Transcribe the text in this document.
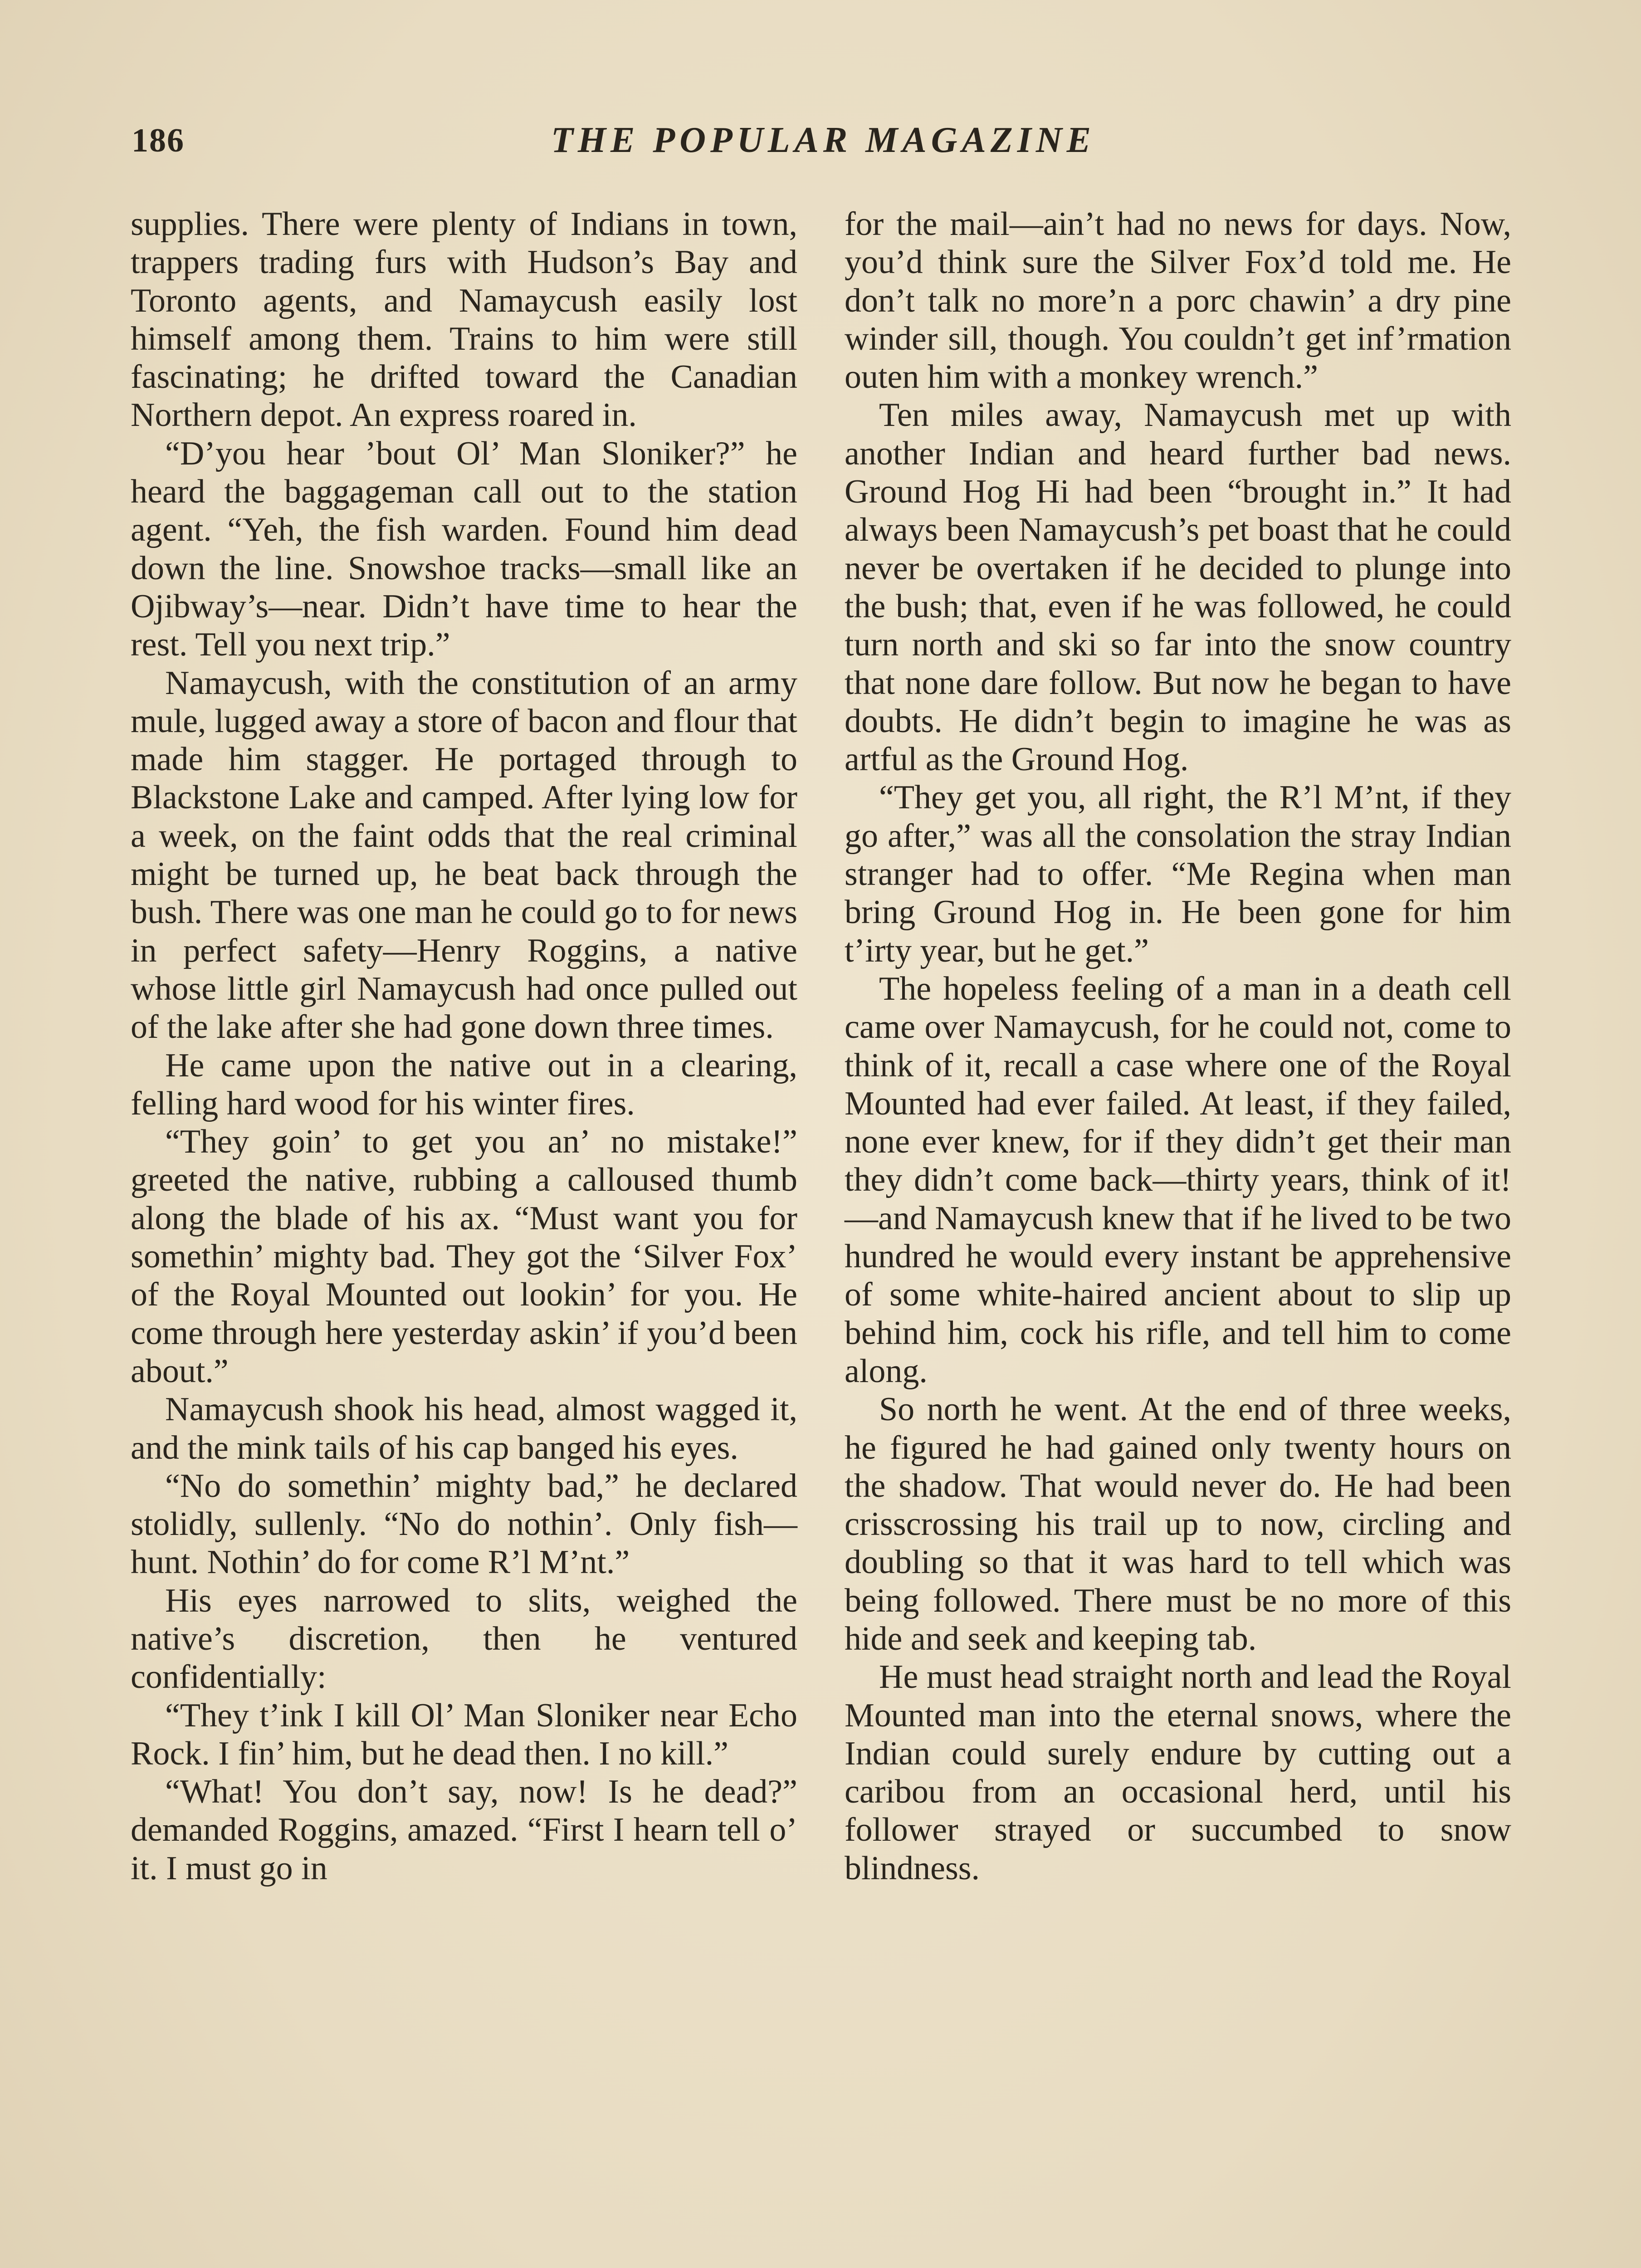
186	THE POPULAR MAGAZINE

supplies. There were plenty of Indians in town, trappers trading furs with Hudson’s Bay and Toronto agents, and Namaycush easily lost himself among them. Trains to him were still fascinating; he drifted toward the Canadian Northern depot. An express roared in.

“D’you hear ’bout Ol’ Man Sloniker?” he heard the baggageman call out to the station agent. “Yeh, the fish warden. Found him dead down the line. Snowshoe tracks—small like an Ojibway’s—near. Didn’t have time to hear the rest. Tell you next trip.”

Namaycush, with the constitution of an army mule, lugged away a store of bacon and flour that made him stagger. He portaged through to Blackstone Lake and camped. After lying low for a week, on the faint odds that the real criminal might be turned up, he beat back through the bush. There was one man he could go to for news in perfect safety—Henry Roggins, a native whose little girl Namaycush had once pulled out of the lake after she had gone down three times.

He came upon the native out in a clearing, felling hard wood for his winter fires.

“They goin’ to get you an’ no mistake!” greeted the native, rubbing a calloused thumb along the blade of his ax. “Must want you for somethin’ mighty bad. They got the ‘Silver Fox’ of the Royal Mounted out lookin’ for you. He come through here yesterday askin’ if you’d been about.”

Namaycush shook his head, almost wagged it, and the mink tails of his cap banged his eyes.

“No do somethin’ mighty bad,” he declared stolidly, sullenly. “No do nothin’. Only fish—hunt. Nothin’ do for come R’l M’nt.”

His eyes narrowed to slits, weighed the native’s discretion, then he ventured confidentially:

“They t’ink I kill Ol’ Man Sloniker near Echo Rock. I fin’ him, but he dead then. I no kill.”

“What! You don’t say, now! Is he dead?” demanded Roggins, amazed. “First I hearn tell o’ it. I must go in

for the mail—ain’t had no news for days. Now, you’d think sure the Silver Fox’d told me. He don’t talk no more’n a porc chawin’ a dry pine winder sill, though. You couldn’t get inf’rmation outen him with a monkey wrench.”

Ten miles away, Namaycush met up with another Indian and heard further bad news. Ground Hog Hi had been “brought in.” It had always been Namaycush’s pet boast that he could never be overtaken if he decided to plunge into the bush; that, even if he was followed, he could turn north and ski so far into the snow country that none dare follow. But now he began to have doubts. He didn’t begin to imagine he was as artful as the Ground Hog.

“They get you, all right, the R’l M’nt, if they go after,” was all the consolation the stray Indian stranger had to offer. “Me Regina when man bring Ground Hog in. He been gone for him t’irty year, but he get.”

The hopeless feeling of a man in a death cell came over Namaycush, for he could not, come to think of it, recall a case where one of the Royal Mounted had ever failed. At least, if they failed, none ever knew, for if they didn’t get their man they didn’t come back—thirty years, think of it!—and Namaycush knew that if he lived to be two hundred he would every instant be apprehensive of some white-haired ancient about to slip up behind him, cock his rifle, and tell him to come along.

So north he went. At the end of three weeks, he figured he had gained only twenty hours on the shadow. That would never do. He had been crisscrossing his trail up to now, circling and doubling so that it was hard to tell which was being followed. There must be no more of this hide and seek and keeping tab.

He must head straight north and lead the Royal Mounted man into the eternal snows, where the Indian could surely endure by cutting out a caribou from an occasional herd, until his follower strayed or succumbed to snow blindness.
